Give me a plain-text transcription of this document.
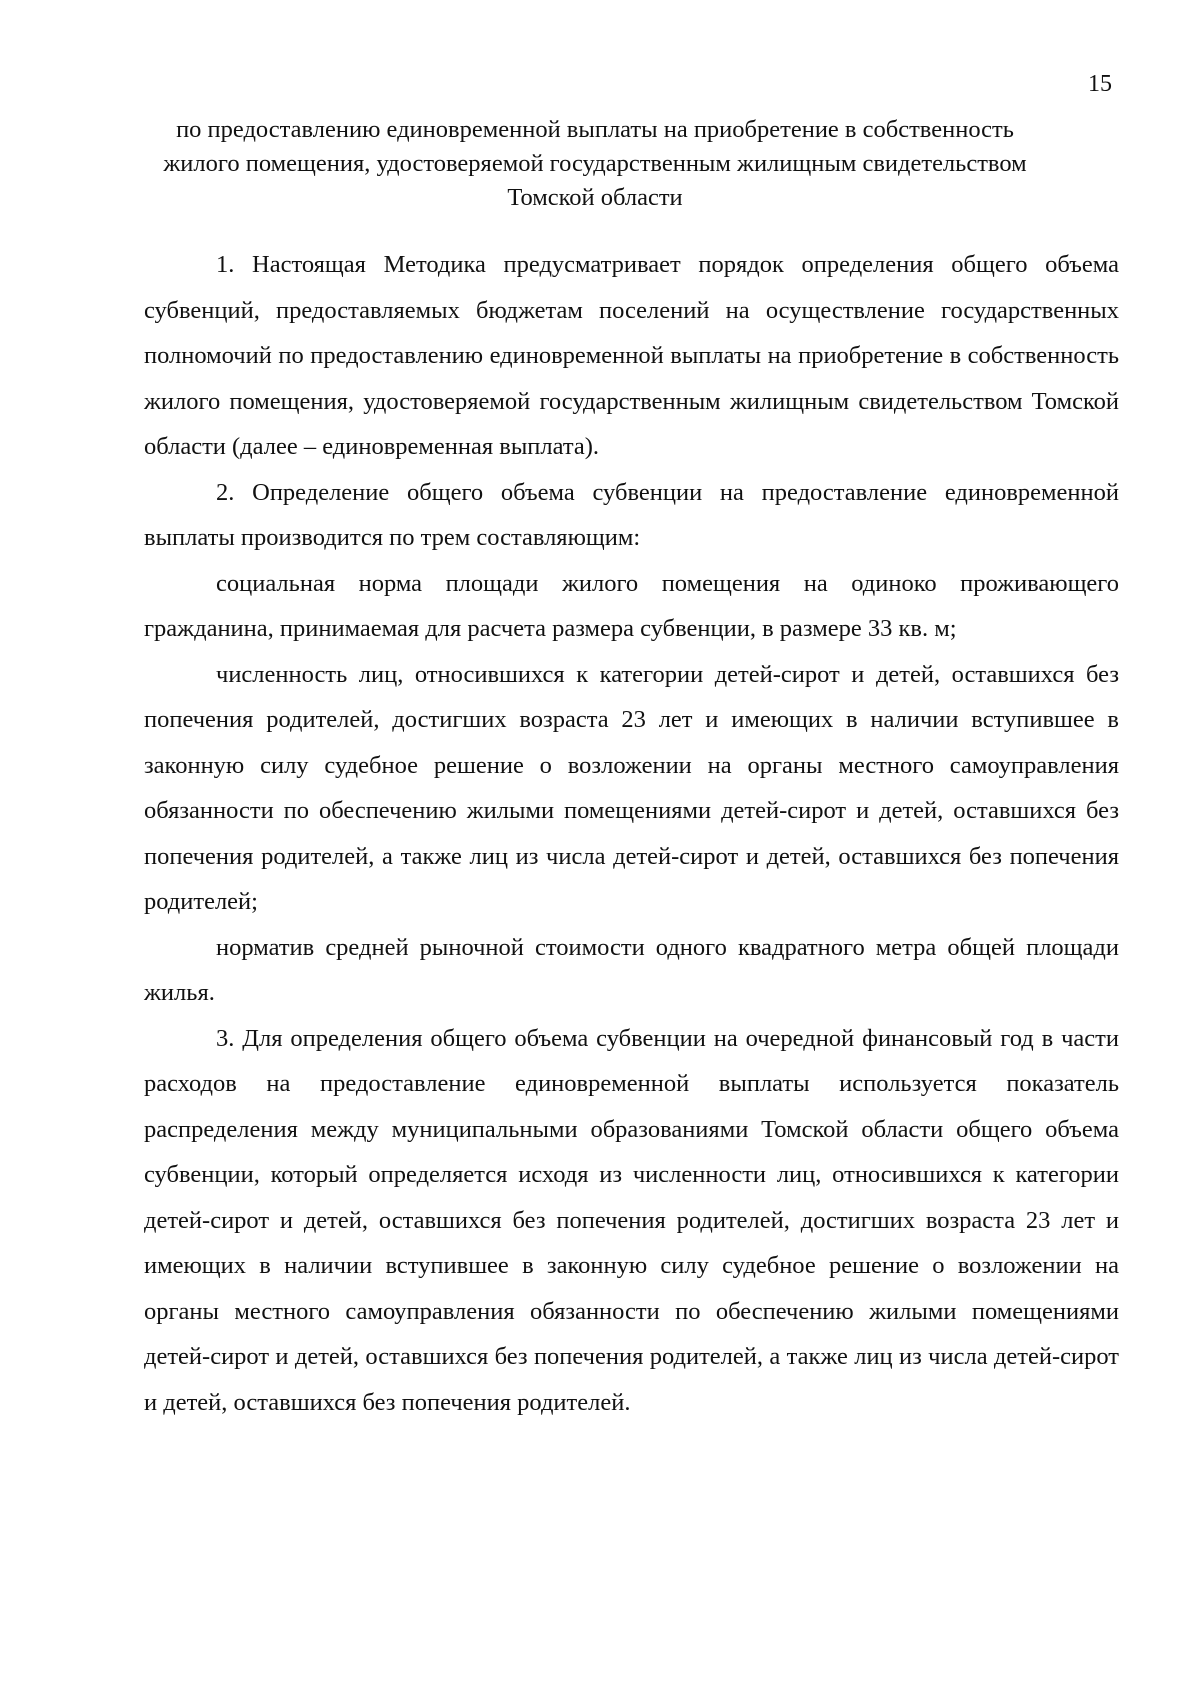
15
по предоставлению единовременной выплаты на приобретение в собственность
жилого помещения, удостоверяемой государственным жилищным свидетельством
Томской области

1. Настоящая Методика предусматривает порядок определения общего объема субвенций, предоставляемых бюджетам поселений на осуществление государственных полномочий по предоставлению единовременной выплаты на приобретение в собственность жилого помещения, удостоверяемой государственным жилищным свидетельством Томской области (далее – единовременная выплата).

2. Определение общего объема субвенции на предоставление единовременной выплаты производится по трем составляющим:

социальная норма площади жилого помещения на одиноко проживающего гражданина, принимаемая для расчета размера субвенции, в размере 33 кв. м;

численность лиц, относившихся к категории детей-сирот и детей, оставшихся без попечения родителей, достигших возраста 23 лет и имеющих в наличии вступившее в законную силу судебное решение о возложении на органы местного самоуправления обязанности по обеспечению жилыми помещениями детей-сирот и детей, оставшихся без попечения родителей, а также лиц из числа детей-сирот и детей, оставшихся без попечения родителей;

норматив средней рыночной стоимости одного квадратного метра общей площади жилья.

3. Для определения общего объема субвенции на очередной финансовый год в части расходов на предоставление единовременной выплаты используется показатель распределения между муниципальными образованиями Томской области общего объема субвенции, который определяется исходя из численности лиц, относившихся к категории детей-сирот и детей, оставшихся без попечения родителей, достигших возраста 23 лет и имеющих в наличии вступившее в законную силу судебное решение о возложении на органы местного самоуправления обязанности по обеспечению жилыми помещениями детей-сирот и детей, оставшихся без попечения родителей, а также лиц из числа детей-сирот и детей, оставшихся без попечения родителей.
